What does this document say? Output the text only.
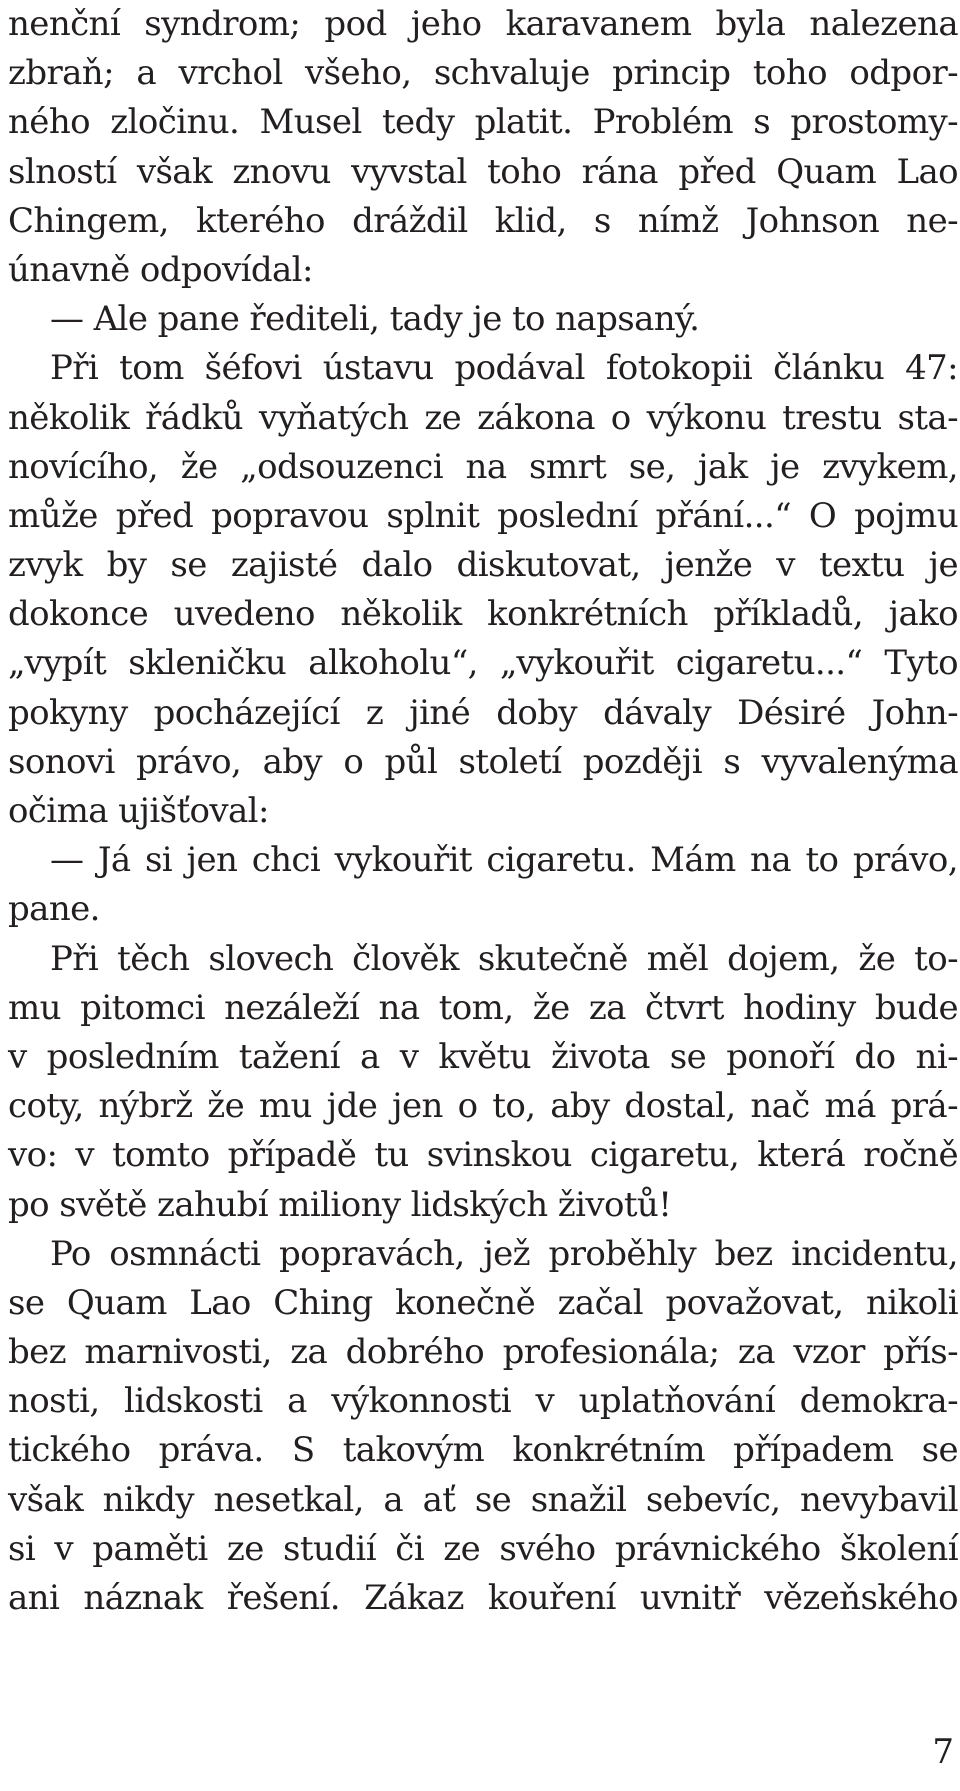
nenční syndrom; pod jeho karavanem byla nalezena
zbraň; a vrchol všeho, schvaluje princip toho odpor-
ného zločinu. Musel tedy platit. Problém s prostomy-
slností však znovu vyvstal toho rána před Quam Lao
Chingem, kterého dráždil klid, s nímž Johnson ne-
únavně odpovídal:
— Ale pane řediteli, tady je to napsaný.
Při tom šéfovi ústavu podával fotokopii článku 47:
několik řádků vyňatých ze zákona o výkonu trestu sta-
novícího, že „odsouzenci na smrt se, jak je zvykem,
může před popravou splnit poslední přání...“ O pojmu
zvyk by se zajisté dalo diskutovat, jenže v textu je
dokonce uvedeno několik konkrétních příkladů, jako
„vypít skleničku alkoholu“, „vykouřit cigaretu...“ Tyto
pokyny pocházející z jiné doby dávaly Désiré John-
sonovi právo, aby o půl století později s vyvalenýma
očima ujišťoval:
— Já si jen chci vykouřit cigaretu. Mám na to právo,
pane.
Při těch slovech člověk skutečně měl dojem, že to-
mu pitomci nezáleží na tom, že za čtvrt hodiny bude
v posledním tažení a v květu života se ponoří do ni-
coty, nýbrž že mu jde jen o to, aby dostal, nač má prá-
vo: v tomto případě tu svinskou cigaretu, která ročně
po světě zahubí miliony lidských životů!
Po osmnácti popravách, jež proběhly bez incidentu,
se Quam Lao Ching konečně začal považovat, nikoli
bez marnivosti, za dobrého profesionála; za vzor přís-
nosti, lidskosti a výkonnosti v uplatňování demokra-
tického práva. S takovým konkrétním případem se
však nikdy nesetkal, a ať se snažil sebevíc, nevybavil
si v paměti ze studií či ze svého právnického školení
ani náznak řešení. Zákaz kouření uvnitř vězeňského
7
